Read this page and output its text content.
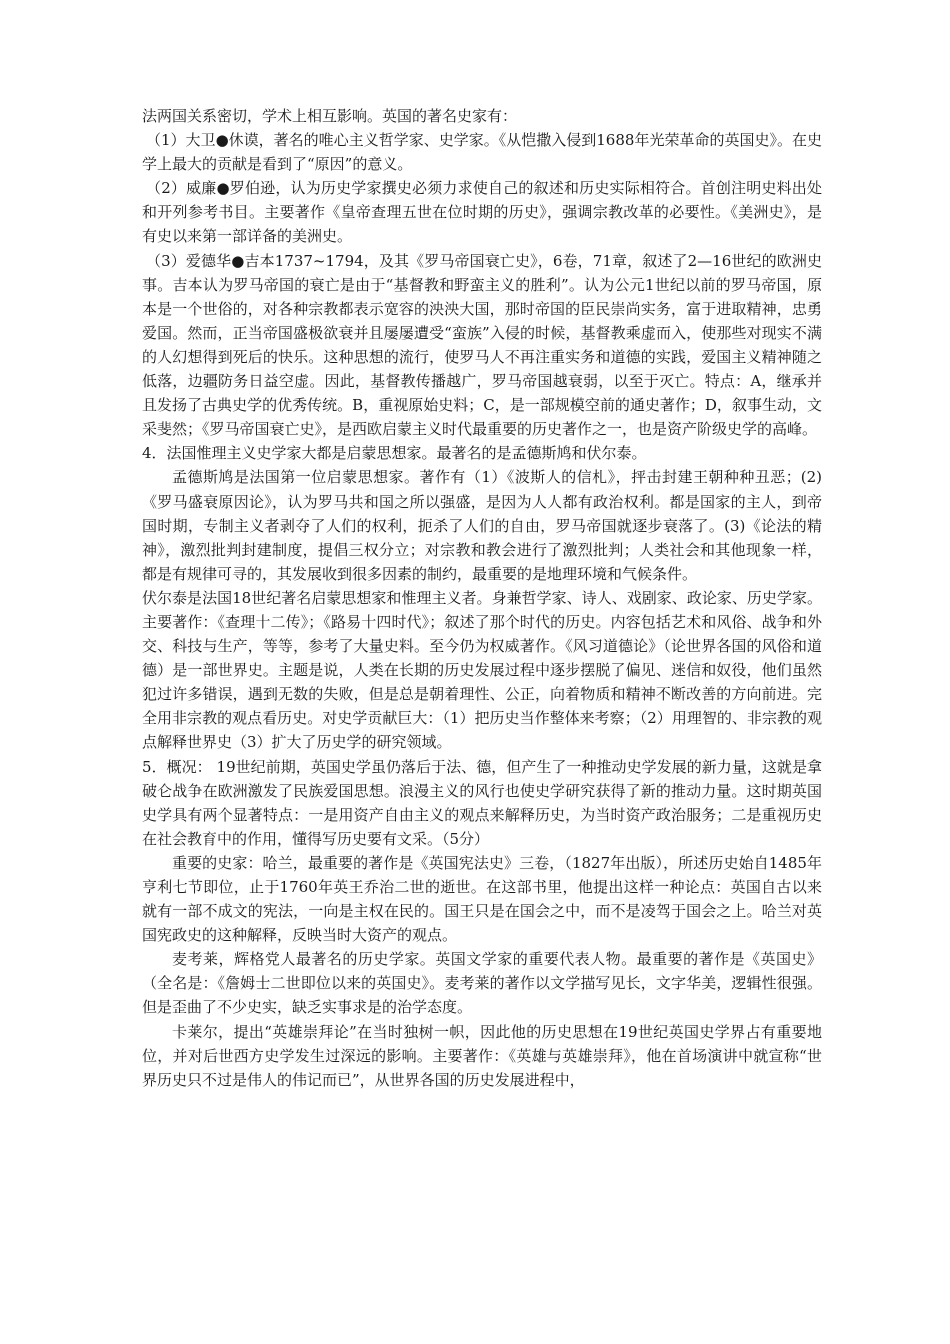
法两国关系密切，学术上相互影响。英国的著名史家有：

（1）大卫●休谟，著名的唯心主义哲学家、史学家。《从恺撒入侵到1688年光荣革命的英国史》。在史学上最大的贡献是看到了“原因”的意义。

（2）威廉●罗伯逊，认为历史学家撰史必须力求使自己的叙述和历史实际相符合。首创注明史料出处和开列参考书目。主要著作《皇帝查理五世在位时期的历史》，强调宗教改革的必要性。《美洲史》，是有史以来第一部详备的美洲史。

（3）爱德华●吉本1737~1794，及其《罗马帝国衰亡史》，6卷，71章，叙述了2—16世纪的欧洲史事。吉本认为罗马帝国的衰亡是由于“基督教和野蛮主义的胜利”。认为公元1世纪以前的罗马帝国，原本是一个世俗的，对各种宗教都表示宽容的泱泱大国，那时帝国的臣民崇尚实务，富于进取精神，忠勇爱国。然而，正当帝国盛极欲衰并且屡屡遭受“蛮族”入侵的时候，基督教乘虚而入，使那些对现实不满的人幻想得到死后的快乐。这种思想的流行，使罗马人不再注重实务和道德的实践，爱国主义精神随之低落，边疆防务日益空虚。因此，基督教传播越广，罗马帝国越衰弱，以至于灭亡。特点：A，继承并且发扬了古典史学的优秀传统。B，重视原始史料；C，是一部规模空前的通史著作；D，叙事生动，文采斐然；《罗马帝国衰亡史》，是西欧启蒙主义时代最重要的历史著作之一，也是资产阶级史学的高峰。

4．法国惟理主义史学家大都是启蒙思想家。最著名的是孟德斯鸠和伏尔泰。

孟德斯鸠是法国第一位启蒙思想家。著作有（1）《波斯人的信札》，抨击封建王朝种种丑恶；(2)《罗马盛衰原因论》，认为罗马共和国之所以强盛，是因为人人都有政治权利。都是国家的主人，到帝国时期，专制主义者剥夺了人们的权利，扼杀了人们的自由，罗马帝国就逐步衰落了。(3)《论法的精神》，激烈批判封建制度，提倡三权分立；对宗教和教会进行了激烈批判；人类社会和其他现象一样，都是有规律可寻的，其发展收到很多因素的制约，最重要的是地理环境和气候条件。

伏尔泰是法国18世纪著名启蒙思想家和惟理主义者。身兼哲学家、诗人、戏剧家、政论家、历史学家。主要著作：《查理十二传》；《路易十四时代》；叙述了那个时代的历史。内容包括艺术和风俗、战争和外交、科技与生产，等等，参考了大量史料。至今仍为权威著作。《风习道德论》（论世界各国的风俗和道德）是一部世界史。主题是说，人类在长期的历史发展过程中逐步摆脱了偏见、迷信和奴役，他们虽然犯过许多错误，遇到无数的失败，但是总是朝着理性、公正，向着物质和精神不断改善的方向前进。完全用非宗教的观点看历史。对史学贡献巨大：（1）把历史当作整体来考察；（2）用理智的、非宗教的观点解释世界史（3）扩大了历史学的研究领域。

5．概况： 19世纪前期，英国史学虽仍落后于法、德，但产生了一种推动史学发展的新力量，这就是拿破仑战争在欧洲激发了民族爱国思想。浪漫主义的风行也使史学研究获得了新的推动力量。这时期英国史学具有两个显著特点：一是用资产自由主义的观点来解释历史，为当时资产政治服务；二是重视历史在社会教育中的作用，懂得写历史要有文采。（5分）

重要的史家：哈兰，最重要的著作是《英国宪法史》三卷，（1827年出版），所述历史始自1485年亨利七节即位，止于1760年英王乔治二世的逝世。在这部书里，他提出这样一种论点：英国自古以来就有一部不成文的宪法，一向是主权在民的。国王只是在国会之中，而不是凌驾于国会之上。哈兰对英国宪政史的这种解释，反映当时大资产的观点。

麦考莱，辉格党人最著名的历史学家。英国文学家的重要代表人物。最重要的著作是《英国史》（全名是：《詹姆士二世即位以来的英国史》。麦考莱的著作以文学描写见长，文字华美，逻辑性很强。但是歪曲了不少史实，缺乏实事求是的治学态度。

卡莱尔，提出“英雄崇拜论”在当时独树一帜，因此他的历史思想在19世纪英国史学界占有重要地位，并对后世西方史学发生过深远的影响。主要著作：《英雄与英雄崇拜》，他在首场演讲中就宣称“世界历史只不过是伟人的伟记而已”，从世界各国的历史发展进程中，
